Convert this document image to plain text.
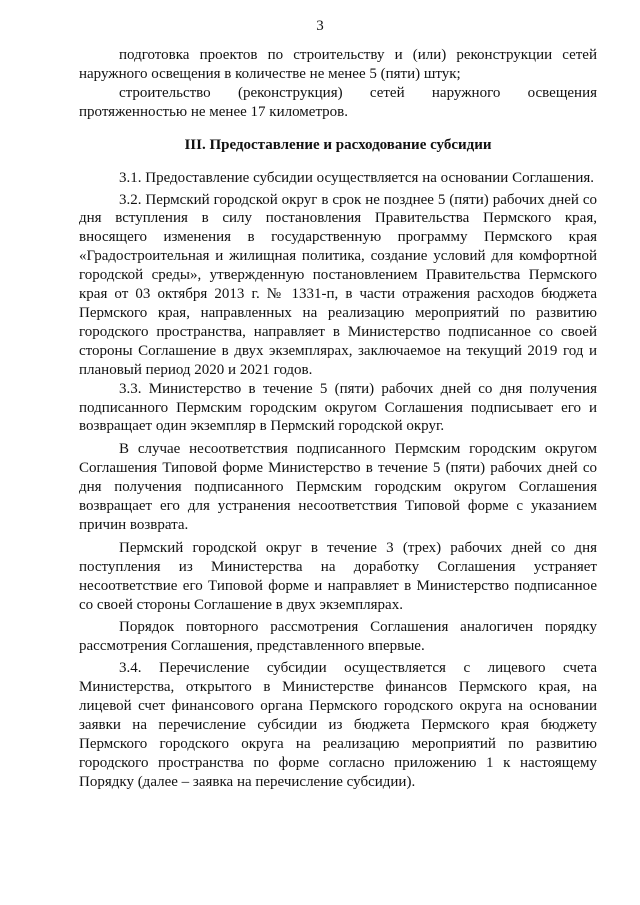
3

подготовка проектов по строительству и (или) реконструкции сетей наружного освещения в количестве не менее 5 (пяти) штук;

строительство (реконструкция) сетей наружного освещения протяженностью не менее 17 километров.

III. Предоставление и расходование субсидии

3.1. Предоставление субсидии осуществляется на основании Соглашения.

3.2. Пермский городской округ в срок не позднее 5 (пяти) рабочих дней со дня вступления в силу постановления Правительства Пермского края, вносящего изменения в государственную программу Пермского края «Градостроительная и жилищная политика, создание условий для комфортной городской среды», утвержденную постановлением Правительства Пермского края от 03 октября 2013 г. № 1331-п, в части отражения расходов бюджета Пермского края, направленных на реализацию мероприятий по развитию городского пространства, направляет в Министерство подписанное со своей стороны Соглашение в двух экземплярах, заключаемое на текущий 2019 год и плановый период 2020 и 2021 годов.

3.3. Министерство в течение 5 (пяти) рабочих дней со дня получения подписанного Пермским городским округом Соглашения подписывает его и возвращает один экземпляр в Пермский городской округ.

В случае несоответствия подписанного Пермским городским округом Соглашения Типовой форме Министерство в течение 5 (пяти) рабочих дней со дня получения подписанного Пермским городским округом Соглашения возвращает его для устранения несоответствия Типовой форме с указанием причин возврата.

Пермский городской округ в течение 3 (трех) рабочих дней со дня поступления из Министерства на доработку Соглашения устраняет несоответствие его Типовой форме и направляет в Министерство подписанное со своей стороны Соглашение в двух экземплярах.

Порядок повторного рассмотрения Соглашения аналогичен порядку рассмотрения Соглашения, представленного впервые.

3.4. Перечисление субсидии осуществляется с лицевого счета Министерства, открытого в Министерстве финансов Пермского края, на лицевой счет финансового органа Пермского городского округа на основании заявки на перечисление субсидии из бюджета Пермского края бюджету Пермского городского округа на реализацию мероприятий по развитию городского пространства по форме согласно приложению 1 к настоящему Порядку (далее – заявка на перечисление субсидии).
